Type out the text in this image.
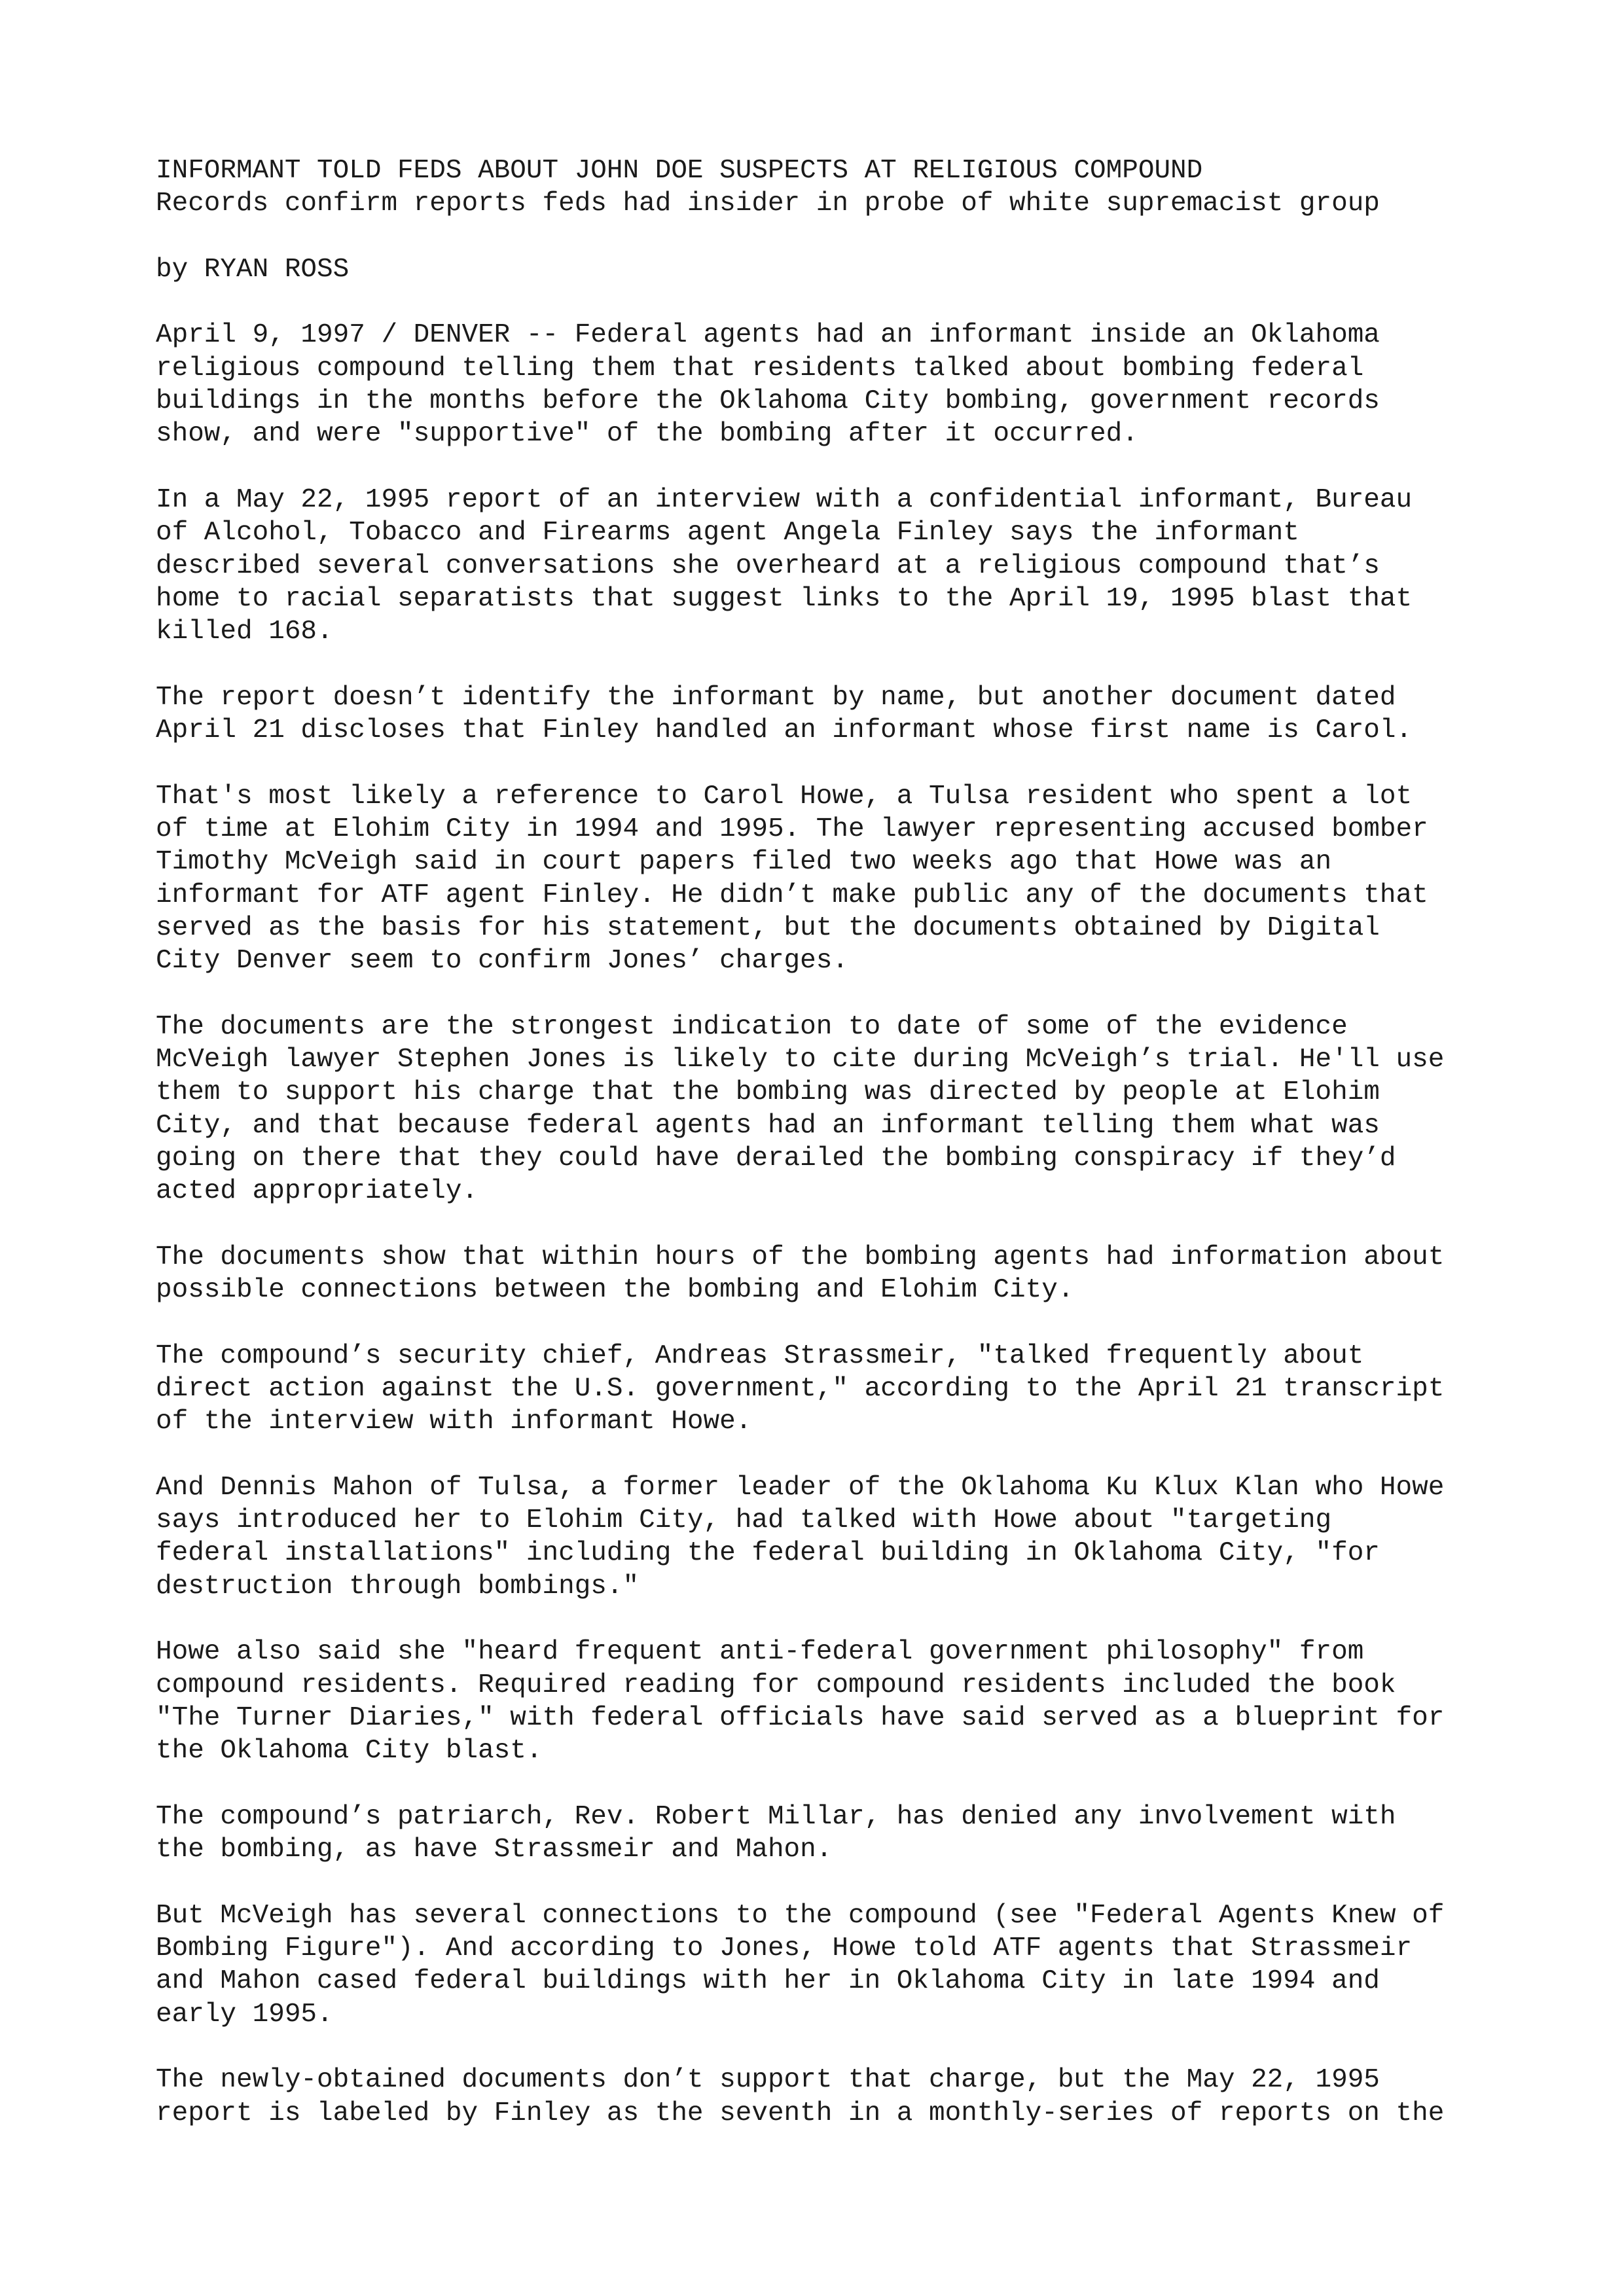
INFORMANT TOLD FEDS ABOUT JOHN DOE SUSPECTS AT RELIGIOUS COMPOUND
Records confirm reports feds had insider in probe of white supremacist group
by RYAN ROSS
April 9, 1997 / DENVER -- Federal agents had an informant inside an Oklahoma
religious compound telling them that residents talked about bombing federal
buildings in the months before the Oklahoma City bombing, government records
show, and were "supportive" of the bombing after it occurred.
In a May 22, 1995 report of an interview with a confidential informant, Bureau
of Alcohol, Tobacco and Firearms agent Angela Finley says the informant
described several conversations she overheard at a religious compound that’s
home to racial separatists that suggest links to the April 19, 1995 blast that
killed 168.
The report doesn’t identify the informant by name, but another document dated
April 21 discloses that Finley handled an informant whose first name is Carol.
That's most likely a reference to Carol Howe, a Tulsa resident who spent a lot
of time at Elohim City in 1994 and 1995. The lawyer representing accused bomber
Timothy McVeigh said in court papers filed two weeks ago that Howe was an
informant for ATF agent Finley. He didn’t make public any of the documents that
served as the basis for his statement, but the documents obtained by Digital
City Denver seem to confirm Jones’ charges.
The documents are the strongest indication to date of some of the evidence
McVeigh lawyer Stephen Jones is likely to cite during McVeigh’s trial. He'll use
them to support his charge that the bombing was directed by people at Elohim
City, and that because federal agents had an informant telling them what was
going on there that they could have derailed the bombing conspiracy if they’d
acted appropriately.
The documents show that within hours of the bombing agents had information about
possible connections between the bombing and Elohim City.
The compound’s security chief, Andreas Strassmeir, "talked frequently about
direct action against the U.S. government," according to the April 21 transcript
of the interview with informant Howe.
And Dennis Mahon of Tulsa, a former leader of the Oklahoma Ku Klux Klan who Howe
says introduced her to Elohim City, had talked with Howe about "targeting
federal installations" including the federal building in Oklahoma City, "for
destruction through bombings."
Howe also said she "heard frequent anti-federal government philosophy" from
compound residents. Required reading for compound residents included the book
"The Turner Diaries," with federal officials have said served as a blueprint for
the Oklahoma City blast.
The compound’s patriarch, Rev. Robert Millar, has denied any involvement with
the bombing, as have Strassmeir and Mahon.
But McVeigh has several connections to the compound (see "Federal Agents Knew of
Bombing Figure"). And according to Jones, Howe told ATF agents that Strassmeir
and Mahon cased federal buildings with her in Oklahoma City in late 1994 and
early 1995.
The newly-obtained documents don’t support that charge, but the May 22, 1995
report is labeled by Finley as the seventh in a monthly-series of reports on the
